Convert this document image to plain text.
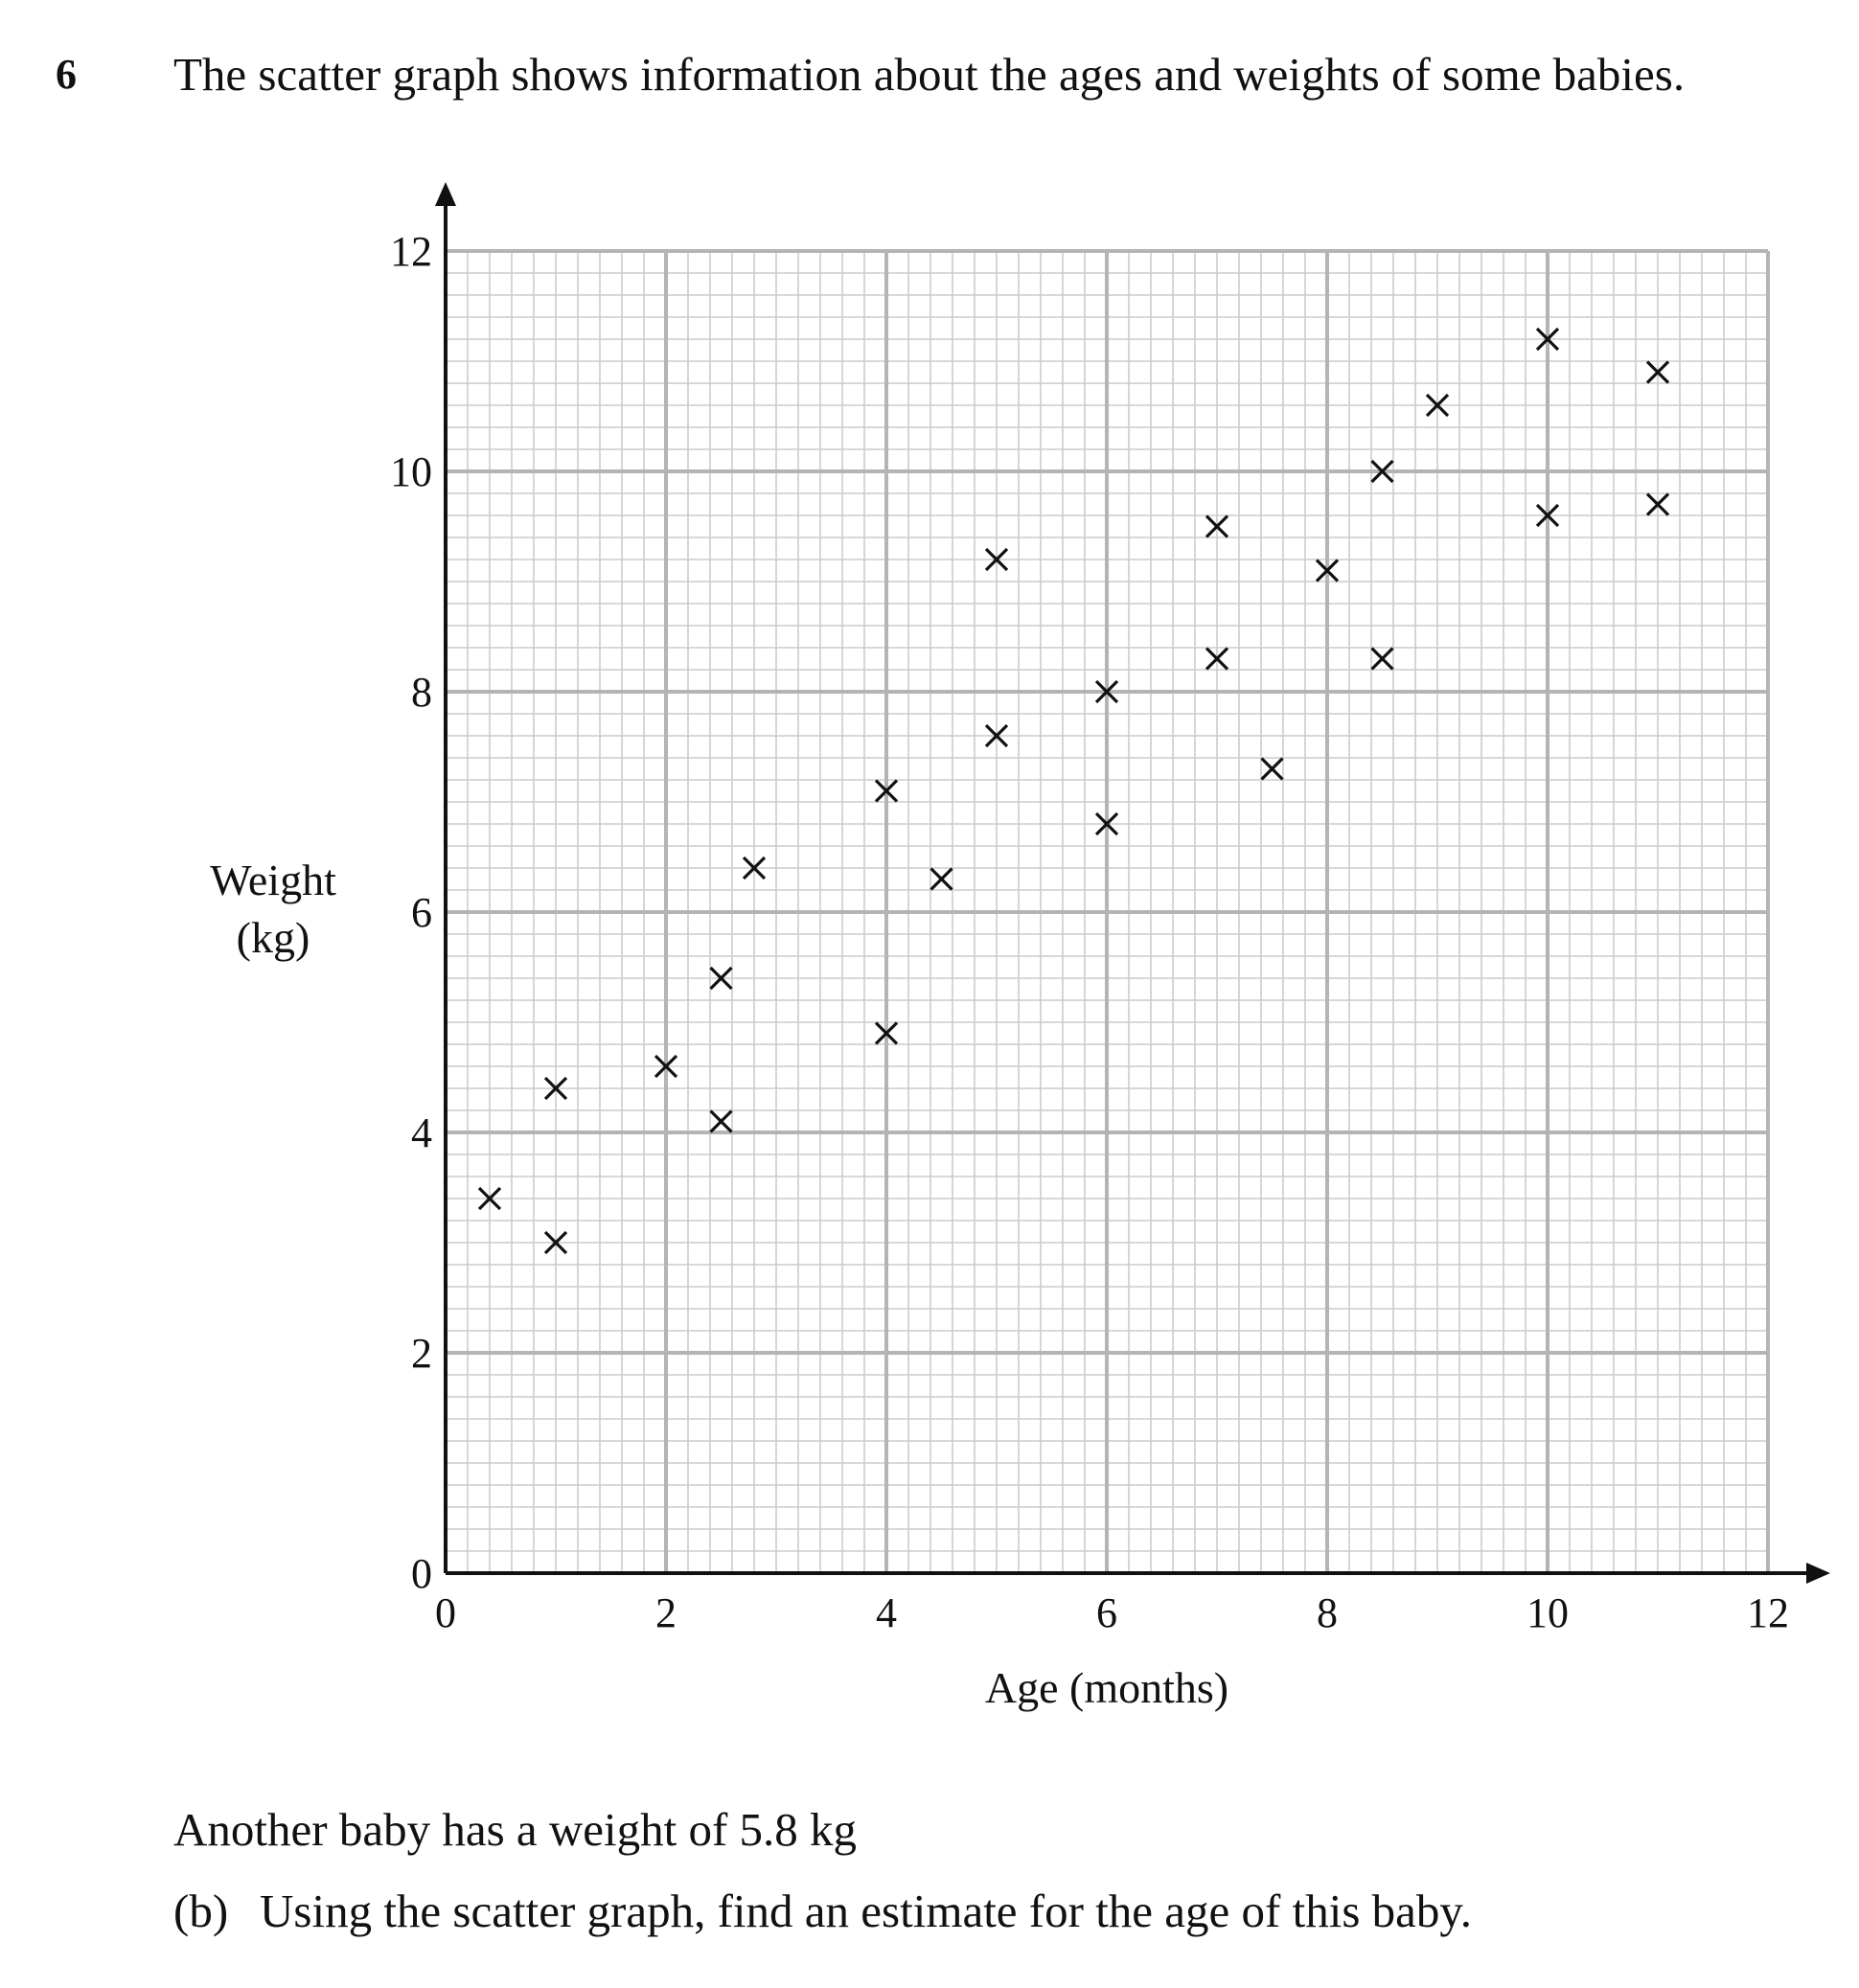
6 The scatter graph shows information about the ages and weights of some babies.
0	2	4	6	8	10	12
0
2
4
6
8
10
12
Age (months)
Weight
(kg)
Another baby has a weight of 5.8 kg
(b) Using the scatter graph, find an estimate for the age of this baby.
